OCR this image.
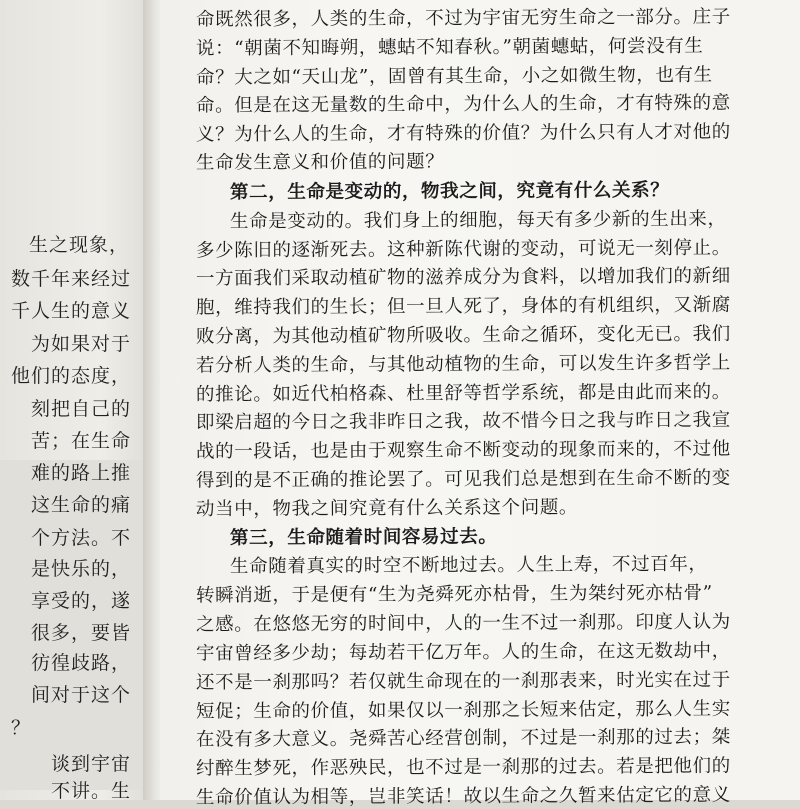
生之现象，
数千年来经过
千人生的意义
为如果对于
他们的态度，
刻把自己的
苦；在生命
难的路上推
这生命的痛
个方法。不
是快乐的，
享受的，遂
很多，要皆
彷徨歧路，
间对于这个
？
谈到宇宙
不讲。生
命既然很多，人类的生命，不过为宇宙无穷生命之一部分。庄子
说：“朝菌不知晦朔，蟪蛄不知春秋。”朝菌蟪蛄，何尝没有生
命？大之如“天山龙”，固曾有其生命，小之如微生物，也有生
命。但是在这无量数的生命中，为什么人的生命，才有特殊的意
义？为什么人的生命，才有特殊的价值？为什么只有人才对他的
生命发生意义和价值的问题？
第二，生命是变动的，物我之间，究竟有什么关系？
生命是变动的。我们身上的细胞，每天有多少新的生出来，
多少陈旧的逐渐死去。这种新陈代谢的变动，可说无一刻停止。
一方面我们采取动植矿物的滋养成分为食料，以增加我们的新细
胞，维持我们的生长；但一旦人死了，身体的有机组织，又渐腐
败分离，为其他动植矿物所吸收。生命之循环，变化无已。我们
若分析人类的生命，与其他动植物的生命，可以发生许多哲学上
的推论。如近代柏格森、杜里舒等哲学系统，都是由此而来的。
即梁启超的今日之我非昨日之我，故不惜今日之我与昨日之我宣
战的一段话，也是由于观察生命不断变动的现象而来的，不过他
得到的是不正确的推论罢了。可见我们总是想到在生命不断的变
动当中，物我之间究竟有什么关系这个问题。
第三，生命随着时间容易过去。
生命随着真实的时空不断地过去。人生上寿，不过百年，
转瞬消逝，于是便有“生为尧舜死亦枯骨，生为桀纣死亦枯骨”
之感。在悠悠无穷的时间中，人的一生不过一刹那。印度人认为
宇宙曾经多少劫；每劫若干亿万年。人的生命，在这无数劫中，
还不是一刹那吗？若仅就生命现在的一刹那表来，时光实在过于
短促；生命的价值，如果仅以一刹那之长短来估定，那么人生实
在没有多大意义。尧舜苦心经营创制，不过是一刹那的过去；桀
纣醉生梦死，作恶殃民，也不过是一刹那的过去。若是把他们的
生命价值认为相等，岂非笑话！故以生命之久暂来估定它的意义
